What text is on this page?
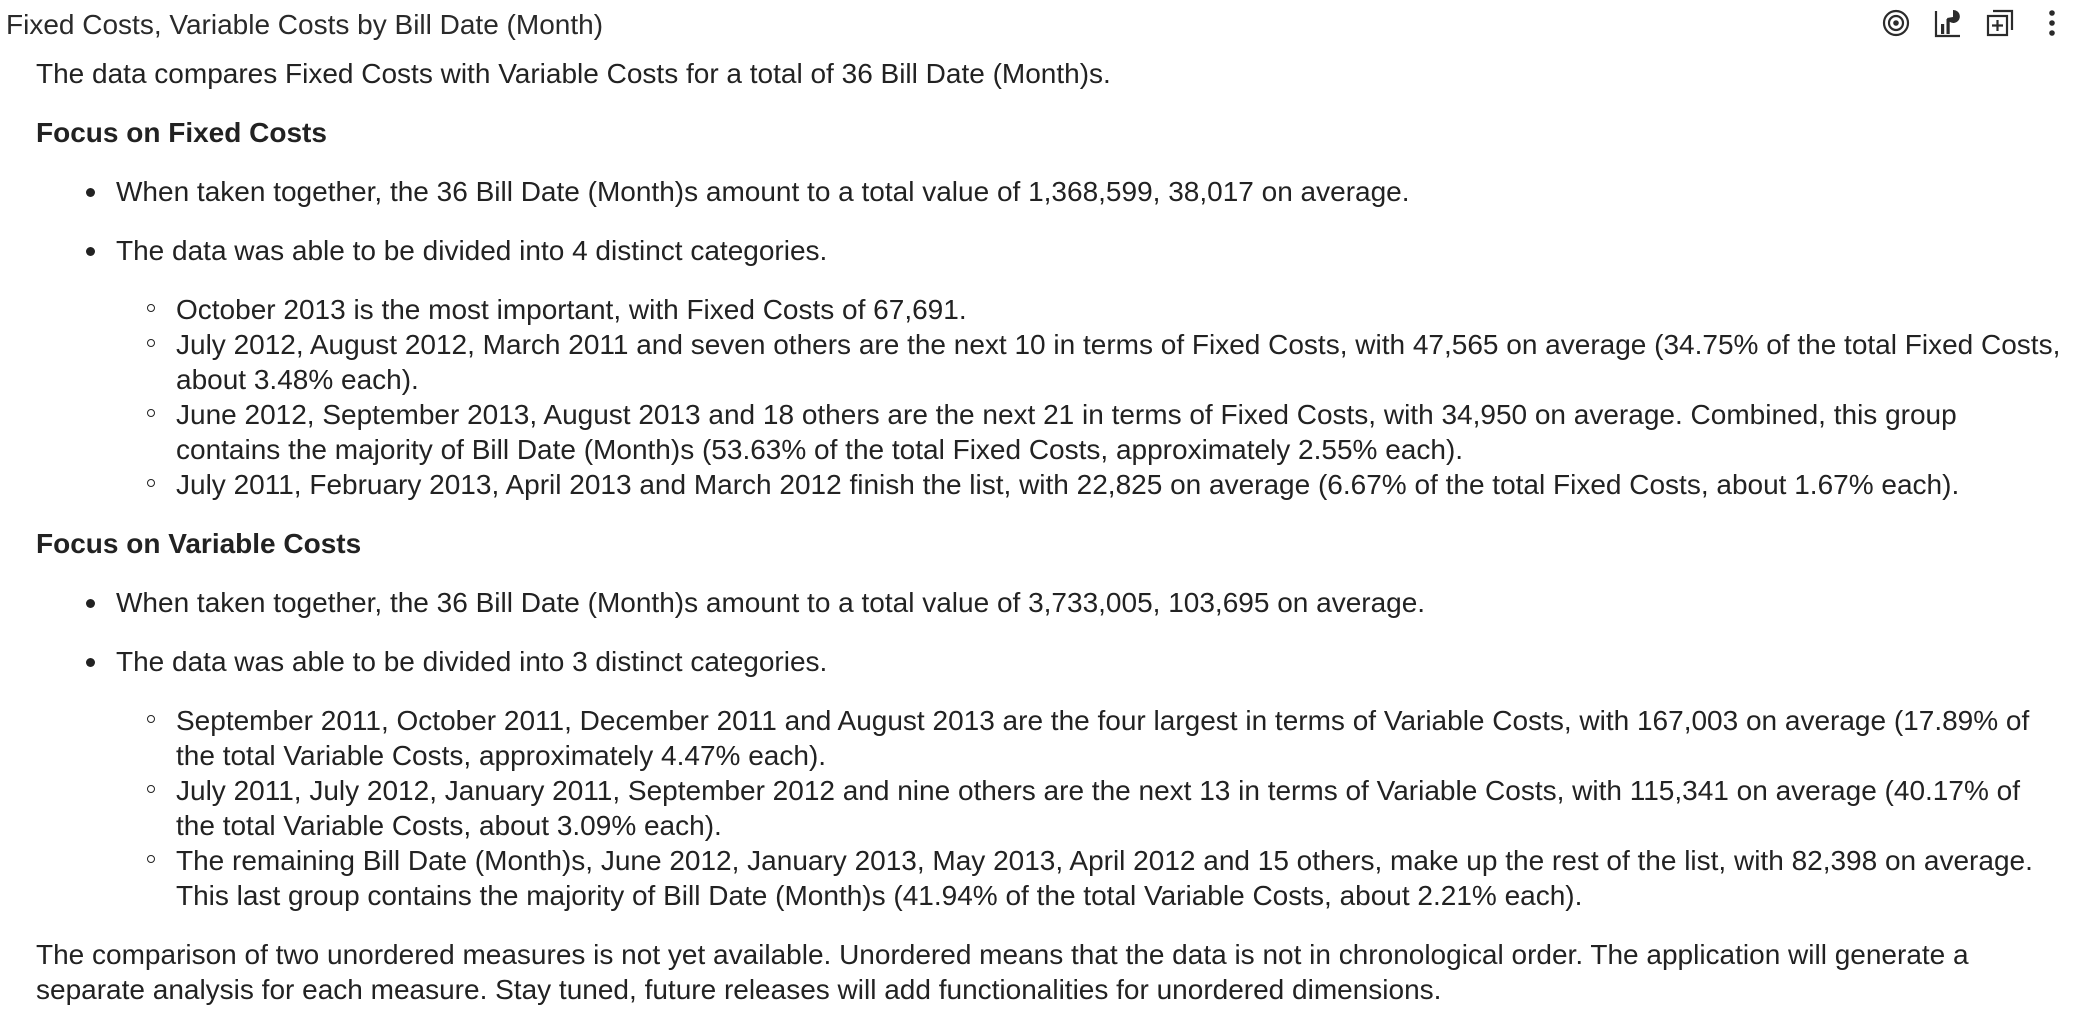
Fixed Costs, Variable Costs by Bill Date (Month)

The data compares Fixed Costs with Variable Costs for a total of 36 Bill Date (Month)s.

Focus on Fixed Costs
When taken together, the 36 Bill Date (Month)s amount to a total value of 1,368,599, 38,017 on average.
The data was able to be divided into 4 distinct categories.
October 2013 is the most important, with Fixed Costs of 67,691.
July 2012, August 2012, March 2011 and seven others are the next 10 in terms of Fixed Costs, with 47,565 on average (34.75% of the total Fixed Costs, about 3.48% each).
June 2012, September 2013, August 2013 and 18 others are the next 21 in terms of Fixed Costs, with 34,950 on average. Combined, this group contains the majority of Bill Date (Month)s (53.63% of the total Fixed Costs, approximately 2.55% each).
July 2011, February 2013, April 2013 and March 2012 finish the list, with 22,825 on average (6.67% of the total Fixed Costs, about 1.67% each).
Focus on Variable Costs
When taken together, the 36 Bill Date (Month)s amount to a total value of 3,733,005, 103,695 on average.
The data was able to be divided into 3 distinct categories.
September 2011, October 2011, December 2011 and August 2013 are the four largest in terms of Variable Costs, with 167,003 on average (17.89% of the total Variable Costs, approximately 4.47% each).
July 2011, July 2012, January 2011, September 2012 and nine others are the next 13 in terms of Variable Costs, with 115,341 on average (40.17% of the total Variable Costs, about 3.09% each).
The remaining Bill Date (Month)s, June 2012, January 2013, May 2013, April 2012 and 15 others, make up the rest of the list, with 82,398 on average. This last group contains the majority of Bill Date (Month)s (41.94% of the total Variable Costs, about 2.21% each).

The comparison of two unordered measures is not yet available. Unordered means that the data is not in chronological order. The application will generate a separate analysis for each measure. Stay tuned, future releases will add functionalities for unordered dimensions.
